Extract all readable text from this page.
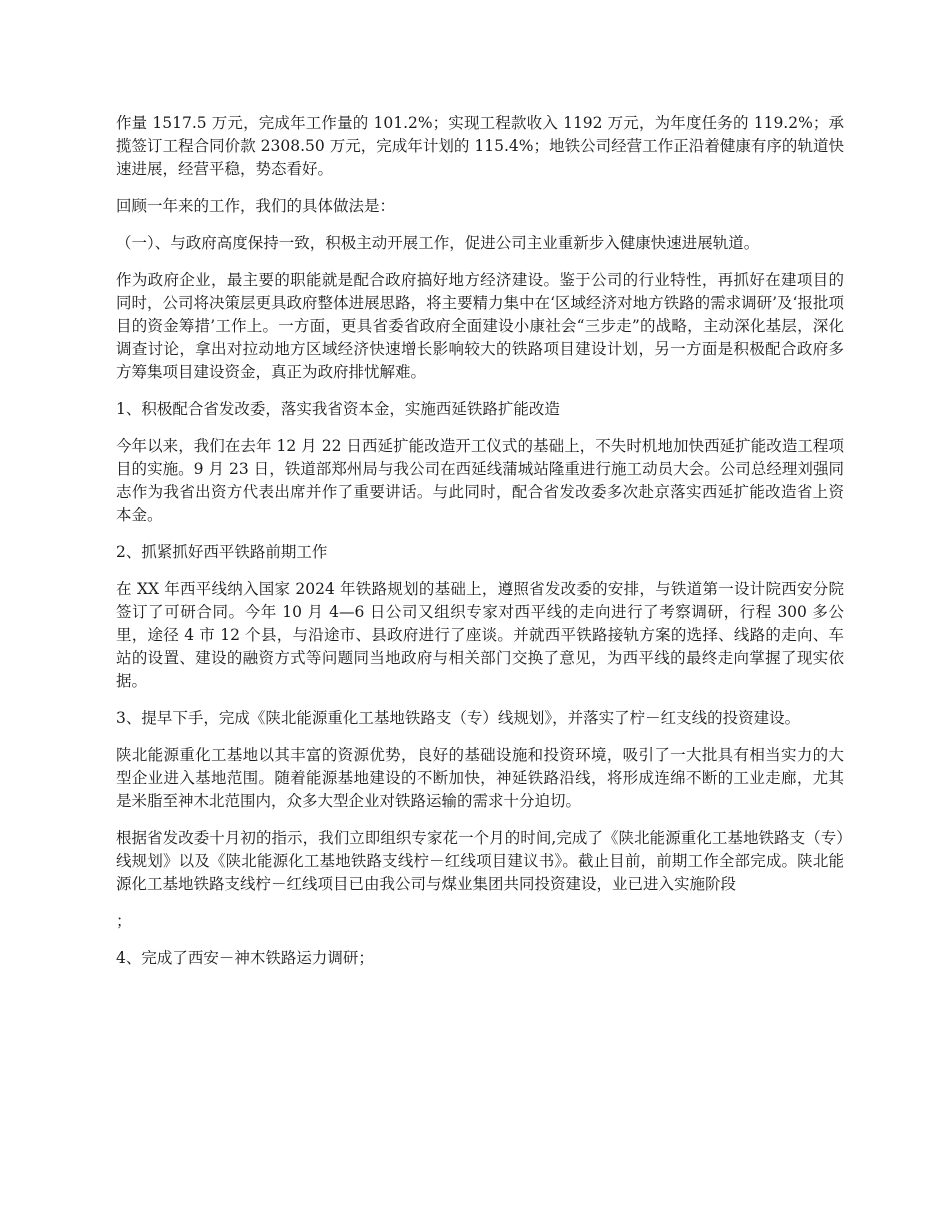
作量 1517.5 万元，完成年工作量的 101.2%；实现工程款收入 1192 万元，为年度任务的 119.2%；承揽签订工程合同价款 2308.50 万元，完成年计划的 115.4%；地铁公司经营工作正沿着健康有序的轨道快速进展，经营平稳，势态看好。

回顾一年来的工作，我们的具体做法是：

（一）、与政府高度保持一致，积极主动开展工作，促进公司主业重新步入健康快速进展轨道。

作为政府企业，最主要的职能就是配合政府搞好地方经济建设。鉴于公司的行业特性，再抓好在建项目的同时，公司将决策层更具政府整体进展思路，将主要精力集中在‘区域经济对地方铁路的需求调研’及‘报批项目的资金筹措’工作上。一方面，更具省委省政府全面建设小康社会“三步走”的战略，主动深化基层，深化调查讨论，拿出对拉动地方区域经济快速增长影响较大的铁路项目建设计划，另一方面是积极配合政府多方筹集项目建设资金，真正为政府排忧解难。

1、积极配合省发改委，落实我省资本金，实施西延铁路扩能改造

今年以来，我们在去年 12 月 22 日西延扩能改造开工仪式的基础上，不失时机地加快西延扩能改造工程项目的实施。9 月 23 日，铁道部郑州局与我公司在西延线蒲城站隆重进行施工动员大会。公司总经理刘强同志作为我省出资方代表出席并作了重要讲话。与此同时，配合省发改委多次赴京落实西延扩能改造省上资本金。

2、抓紧抓好西平铁路前期工作

在 XX 年西平线纳入国家 2024 年铁路规划的基础上，遵照省发改委的安排，与铁道第一设计院西安分院签订了可研合同。今年 10 月 4—6 日公司又组织专家对西平线的走向进行了考察调研，行程 300 多公里，途径 4 市 12 个县，与沿途市、县政府进行了座谈。并就西平铁路接轨方案的选择、线路的走向、车站的设置、建设的融资方式等问题同当地政府与相关部门交换了意见，为西平线的最终走向掌握了现实依据。

3、提早下手，完成《陕北能源重化工基地铁路支（专）线规划》，并落实了柠－红支线的投资建设。

陕北能源重化工基地以其丰富的资源优势，良好的基础设施和投资环境，吸引了一大批具有相当实力的大型企业进入基地范围。随着能源基地建设的不断加快，神延铁路沿线，将形成连绵不断的工业走廊，尤其是米脂至神木北范围内，众多大型企业对铁路运输的需求十分迫切。

根据省发改委十月初的指示，我们立即组织专家花一个月的时间,完成了《陕北能源重化工基地铁路支（专）线规划》以及《陕北能源化工基地铁路支线柠－红线项目建议书》。截止目前，前期工作全部完成。陕北能源化工基地铁路支线柠－红线项目已由我公司与煤业集团共同投资建设，业已进入实施阶段

；

4、完成了西安－神木铁路运力调研；
